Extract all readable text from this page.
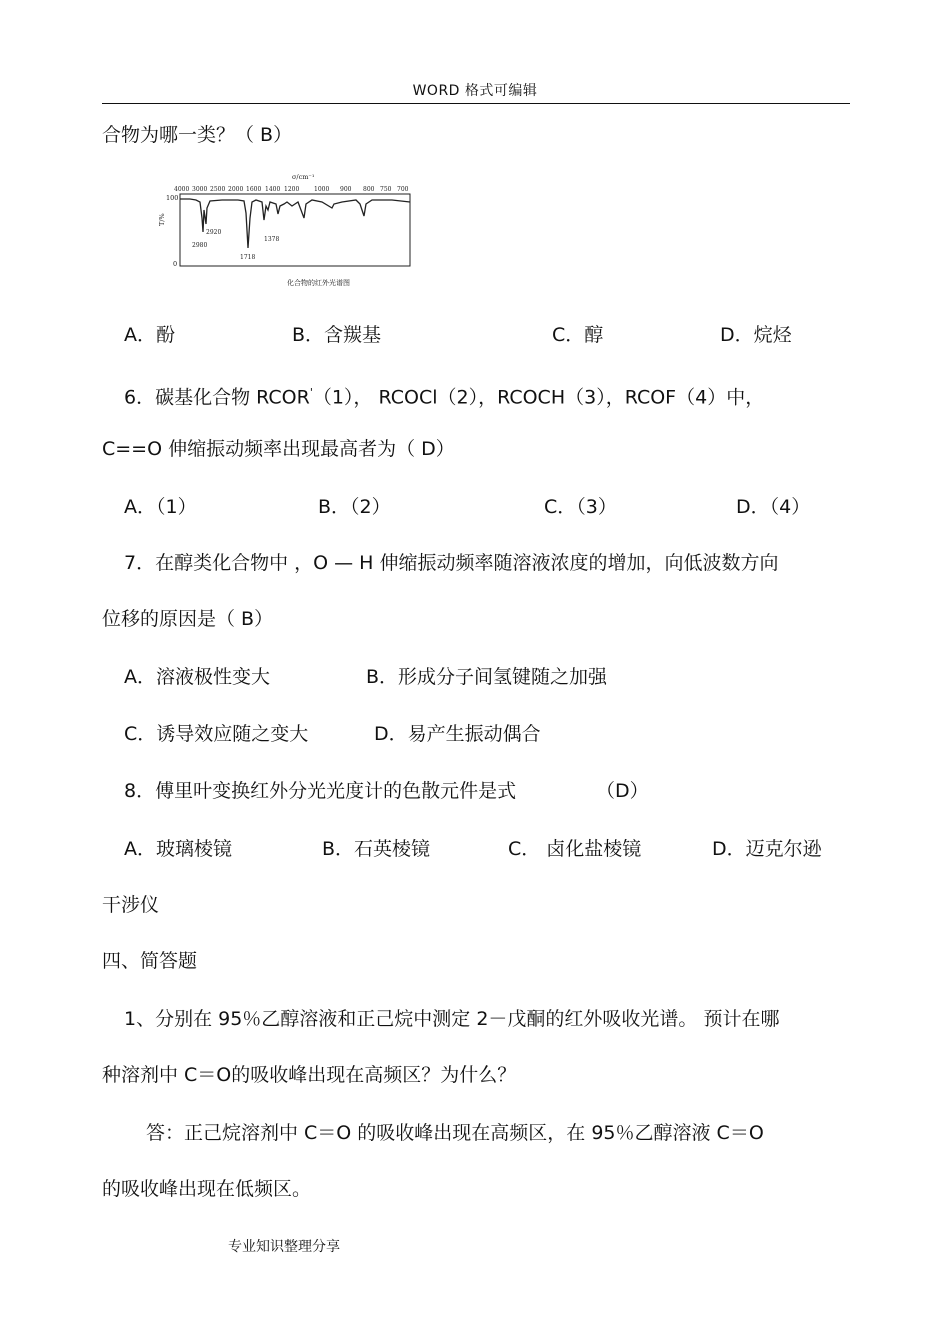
WORD 格式可编辑
合物为哪一类？（ B）
σ/cm⁻¹
4000 3000 2500 2000 1600 1400 1200 1000 900 800 750 700
100
0
T/%
2920
2980
1718
1378
化合物的红外光谱图
A．酚	B．含羰基	C．醇	D．烷烃
6．碳基化合物 RCOR'（1）， RCOCl（2），RCOCH（3），RCOF（4）中，
C==O 伸缩振动频率出现最高者为（ D）
A．（1）	B．（2）	C．（3）	D．（4）
7．在醇类化合物中 ，O — H 伸缩振动频率随溶液浓度的增加，向低波数方向
位移的原因是（ B）
A．溶液极性变大	B．形成分子间氢键随之加强
C．诱导效应随之变大	D．易产生振动偶合
8．傅里叶变换红外分光光度计的色散元件是式	（D）
A．玻璃棱镜	B．石英棱镜	C． 卤化盐棱镜	D．迈克尔逊
干涉仪
四、简答题
1、分别在 95％乙醇溶液和正己烷中测定 2－戊酮的红外吸收光谱。 预计在哪
种溶剂中 C＝O的吸收峰出现在高频区？为什么？
答：正己烷溶剂中 C＝O 的吸收峰出现在高频区，在 95％乙醇溶液 C＝O
的吸收峰出现在低频区。
专业知识整理分享
